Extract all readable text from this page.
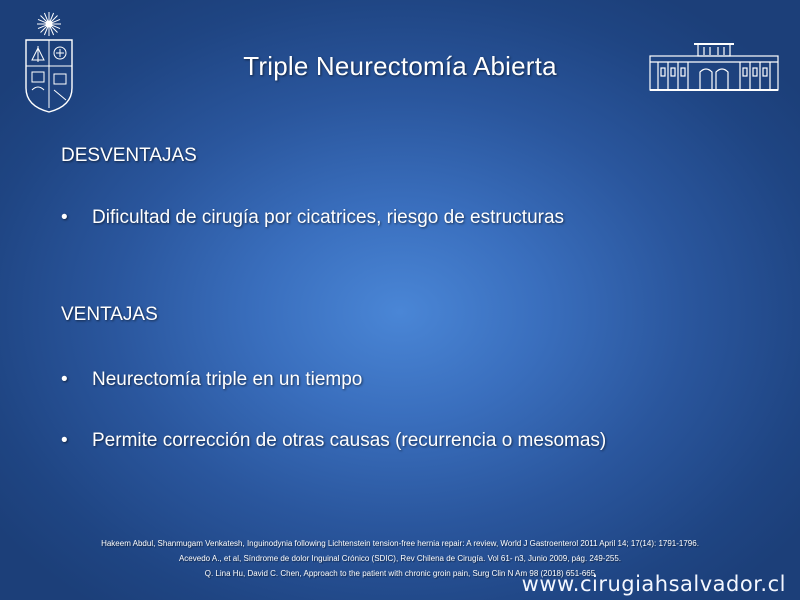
Triple Neurectomía Abierta
DESVENTAJAS
• Dificultad de cirugía por cicatrices, riesgo de estructuras
VENTAJAS
• Neurectomía triple en un tiempo
• Permite corrección de otras causas (recurrencia o mesomas)
Hakeem Abdul, Shanmugam Venkatesh, Inguinodynia following Lichtenstein tension-free hernia repair: A review, World J Gastroenterol 2011 April 14; 17(14): 1791-1796.
Acevedo A., et al, Síndrome de dolor Inguinal Crónico (SDIC), Rev Chilena de Cirugía. Vol 61- n3, Junio 2009, pág. 249-255.
Q. Lina Hu, David C. Chen, Approach to the patient with chronic groin pain, Surg Clin N Am 98 (2018) 651-665
www.cirugiahsalvador.cl
